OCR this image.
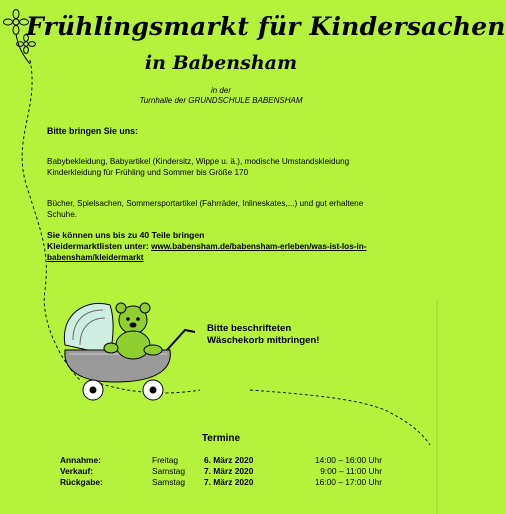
Frühlingsmarkt für Kindersachen
in Babensham
in der
Turnhalle der GRUNDSCHULE BABENSHAM
Bitte bringen Sie uns:
Babybekleidung, Babyartikel (Kindersitz, Wippe u. ä.), modische Umstandskleidung
Kinderkleidung für Frühling und Sommer bis Größe 170
Bücher, Spielsachen, Sommersportartikel (Fahrräder, Inlineskates,...) und gut erhaltene Schuhe.
Sie können uns bis zu 40 Teile bringen
Kleidermarktlisten unter: www.babensham.de/babensham-erleben/was-ist-los-in-babensham/kleidermarkt
Bitte beschrifteten
Wäschekorb mitbringen!
Termine
Annahme:	Freitag	6. März 2020	14:00 – 16:00 Uhr
Verkauf:	Samstag	7. März 2020	9:00 – 11:00 Uhr
Rückgabe:	Samstag	7. März 2020	16:00 – 17:00 Uhr
